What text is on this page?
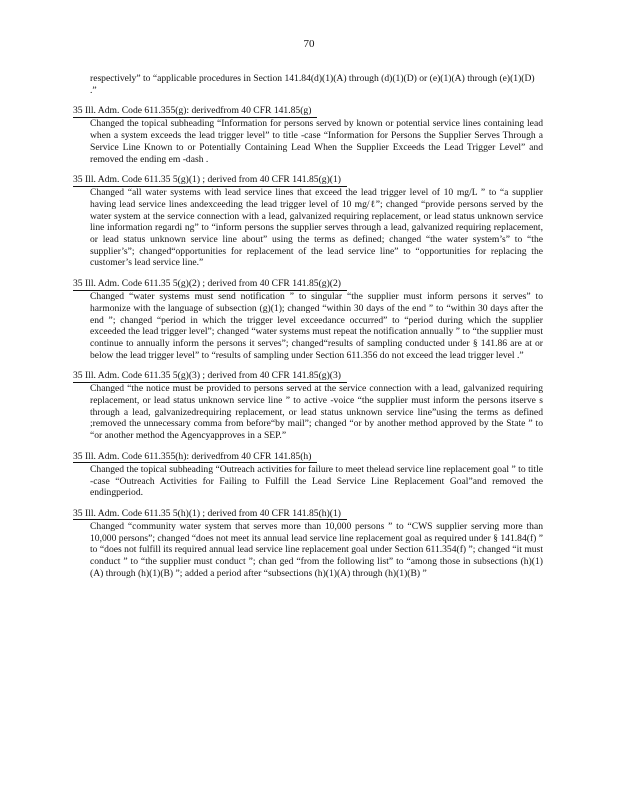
70
respectively” to “applicable procedures in Section 141.84(d)(1)(A) through (d)(1)(D) or (e)(1)(A) through (e)(1)(D) .”
35 Ill. Adm. Code 611.355(g): derivedfrom 40 CFR 141.85(g)
Changed the topical subheading “Information for persons served by known or potential service lines containing lead when a system exceeds the lead trigger level” to title -case “Information for Persons the Supplier Serves Through a Service Line Known to or Potentially Containing Lead When the Supplier Exceeds the Lead Trigger Level” and removed the ending em -dash .
35 Ill. Adm. Code 611.35 5(g)(1) ; derived from 40 CFR 141.85(g)(1)
Changed “all water systems with lead service lines that exceed the lead trigger level of 10 mg/L ” to “a supplier having lead service lines andexceeding the lead trigger level of 10 mg/ℓ”; changed “provide persons served by the water system at the service connection with a lead, galvanized requiring replacement, or lead status unknown service line information regardi ng” to “inform persons the supplier serves through a lead, galvanized requiring replacement, or lead status unknown service line about” using the terms as defined; changed “the water system’s” to “the supplier’s”; changed“opportunities for replacement of the lead service line” to “opportunities for replacing the customer’s lead service line.”
35 Ill. Adm. Code 611.35 5(g)(2) ; derived from 40 CFR 141.85(g)(2)
Changed “water systems must send notification ” to singular “the supplier must inform persons it serves” to harmonize with the language of subsection (g)(1); changed “within 30 days of the end ” to “within 30 days after the end ”; changed “period in which the trigger level exceedance occurred” to “period during which the supplier exceeded the lead trigger level”; changed “water systems must repeat the notification annually ” to “the supplier must continue to annually inform the persons it serves”; changed“results of sampling conducted under § 141.86 are at or below the lead trigger level” to “results of sampling under Section 611.356 do not exceed the lead trigger level .”
35 Ill. Adm. Code 611.35 5(g)(3) ; derived from 40 CFR 141.85(g)(3)
Changed “the notice must be provided to persons served at the service connection with a lead, galvanized requiring replacement, or lead status unknown service line ” to active -voice “the supplier must inform the persons itserve s through a lead, galvanizedrequiring replacement, or lead status unknown service line”using the terms as defined ;removed the unnecessary comma from before“by mail”; changed “or by another method approved by the State ” to “or another method the Agencyapproves in a SEP.”
35 Ill. Adm. Code 611.355(h): derivedfrom 40 CFR 141.85(h)
Changed the topical subheading “Outreach activities for failure to meet thelead service line replacement goal ” to title -case “Outreach Activities for Failing to Fulfill the Lead Service Line Replacement Goal”and removed the endingperiod.
35 Ill. Adm. Code 611.35 5(h)(1) ; derived from 40 CFR 141.85(h)(1)
Changed “community water system that serves more than 10,000 persons ” to “CWS supplier serving more than 10,000 persons”; changed “does not meet its annual lead service line replacement goal as required under § 141.84(f) ” to “does not fulfill its required annual lead service line replacement goal under Section 611.354(f) ”; changed “it must conduct ” to “the supplier must conduct ”; chan ged “from the following list” to “among those in subsections (h)(1)(A) through (h)(1)(B) ”; added a period after “subsections (h)(1)(A) through (h)(1)(B) ”
